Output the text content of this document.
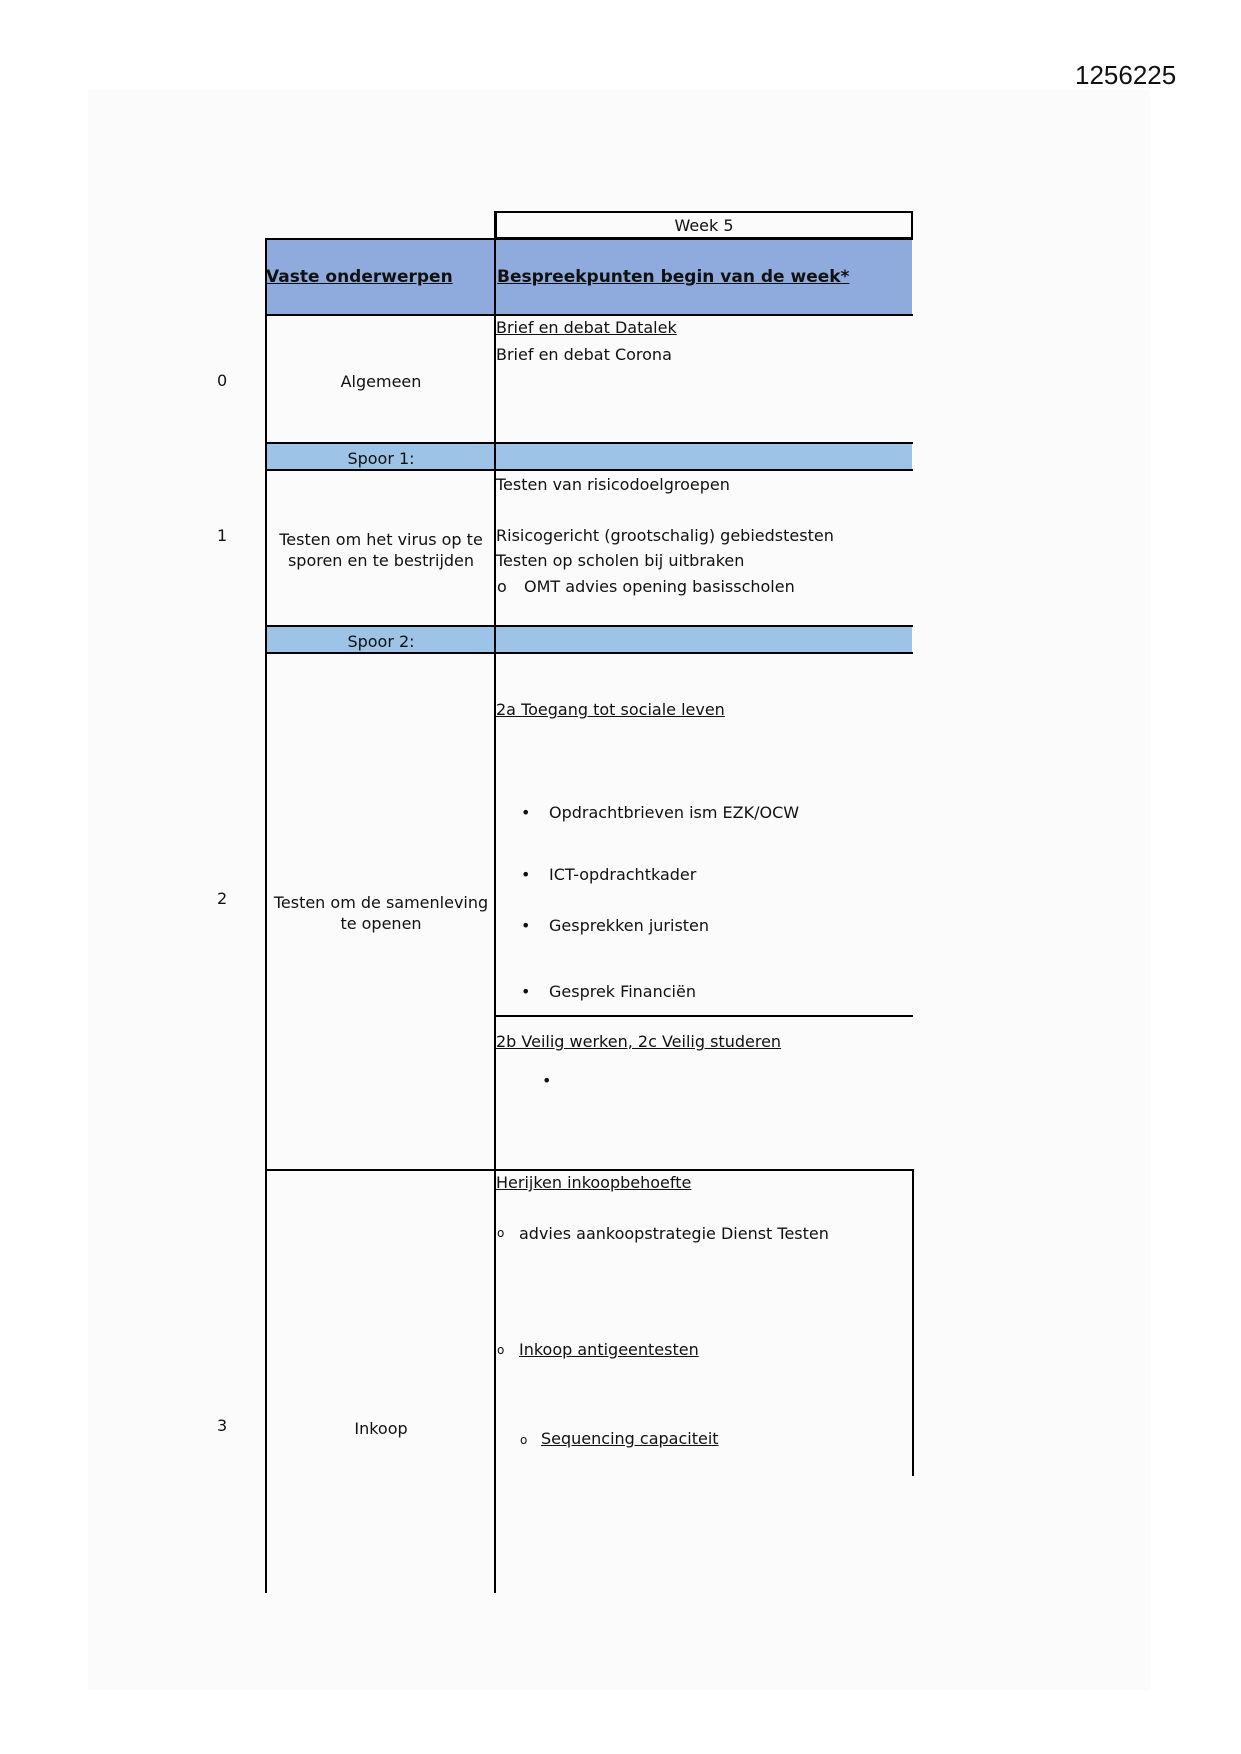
1256225
Week 5
Vaste onderwerpen	Bespreekpunten begin van de week*
0
1
2
3
Algemeen
Brief en debat Datalek
Brief en debat Corona
Spoor 1:
Testen om het virus op te
sporen en te bestrijden
Testen van risicodoelgroepen
Risicogericht (grootschalig) gebiedstesten
Testen op scholen bij uitbraken
o OMT advies opening basisscholen
Spoor 2:
Testen om de samenleving
te openen
2a Toegang tot sociale leven
• Opdrachtbrieven ism EZK/OCW
• ICT-opdrachtkader
• Gesprekken juristen
• Gesprek Financiën
2b Veilig werken, 2c Veilig studeren
•
Inkoop
Herijken inkoopbehoefte
o advies aankoopstrategie Dienst Testen
o Inkoop antigeentesten
o Sequencing capaciteit
